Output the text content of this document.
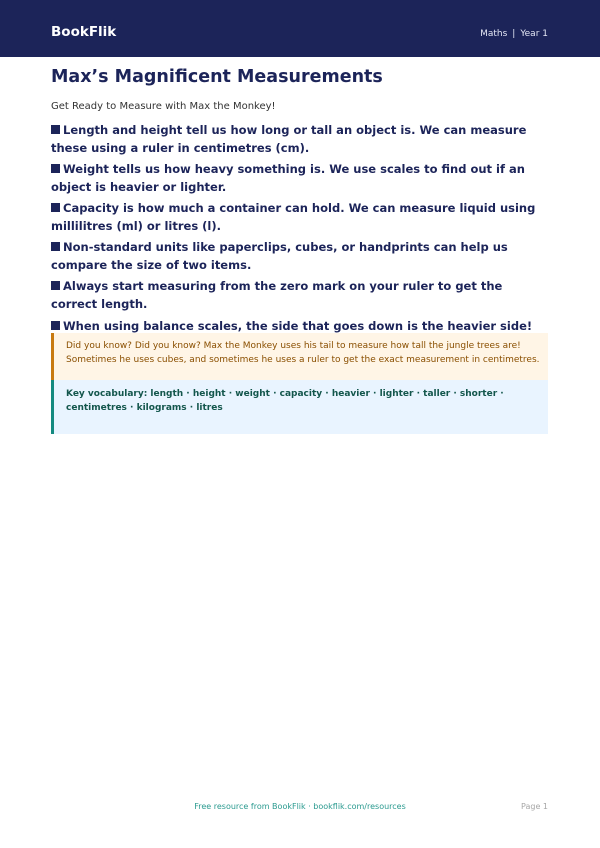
BookFlik	Maths | Year 1
Max’s Magnificent Measurements
Get Ready to Measure with Max the Monkey!
Length and height tell us how long or tall an object is. We can measure these using a ruler in centimetres (cm).
Weight tells us how heavy something is. We use scales to find out if an object is heavier or lighter.
Capacity is how much a container can hold. We can measure liquid using millilitres (ml) or litres (l).
Non-standard units like paperclips, cubes, or handprints can help us compare the size of two items.
Always start measuring from the zero mark on your ruler to get the correct length.
When using balance scales, the side that goes down is the heavier side!

Did you know? Did you know? Max the Monkey uses his tail to measure how tall the jungle trees are! Sometimes he uses cubes, and sometimes he uses a ruler to get the exact measurement in centimetres.

Key vocabulary: length · height · weight · capacity · heavier · lighter · taller · shorter · centimetres · kilograms · litres

Free resource from BookFlik · bookflik.com/resources	Page 1
